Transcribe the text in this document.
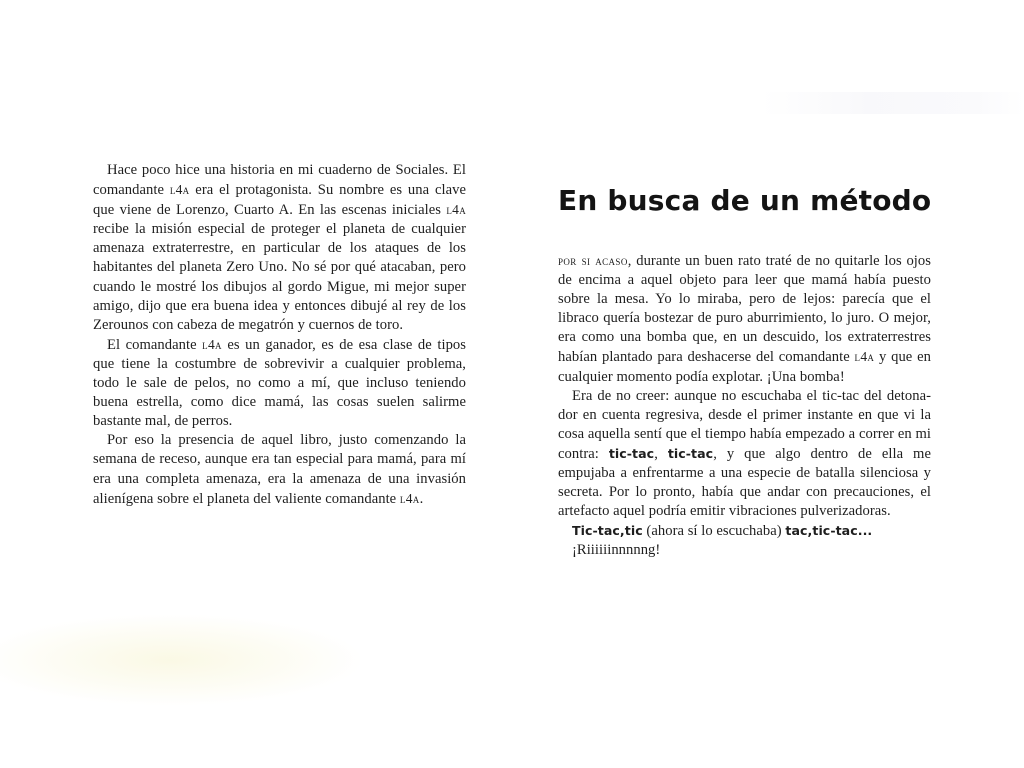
Hace poco hice una historia en mi cuaderno de Sociales. El comandante l4a era el protagonista. Su nombre es una clave que viene de Lorenzo, Cuarto A. En las escenas iniciales l4a recibe la misión especial de proteger el planeta de cualquier amenaza extraterrestre, en particular de los ataques de los habitantes del planeta Zero Uno. No sé por qué atacaban, pero cuando le mostré los dibujos al gordo Migue, mi mejor super amigo, dijo que era buena idea y entonces dibujé al rey de los Zerounos con cabeza de megatrón y cuernos de toro.

El comandante l4a es un ganador, es de esa clase de tipos que tiene la costumbre de sobrevivir a cualquier problema, todo le sale de pelos, no como a mí, que incluso teniendo buena estrella, como dice mamá, las cosas suelen salirme bastante mal, de perros.

Por eso la presencia de aquel libro, justo comenzando la semana de receso, aunque era tan especial para mamá, para mí era una completa amenaza, era la amenaza de una invasión alienígena sobre el planeta del valiente comandante l4a.

En busca de un método

por si acaso, durante un buen rato traté de no quitarle los ojos de encima a aquel objeto para leer que mamá había puesto sobre la mesa. Yo lo miraba, pero de lejos: parecía que el libraco quería bostezar de puro aburrimiento, lo juro. O mejor, era como una bomba que, en un descuido, los extraterrestres habían plantado para deshacerse del comandante l4a y que en cualquier momento podía explotar. ¡Una bomba!

Era de no creer: aunque no escuchaba el tic-tac del detonador en cuenta regresiva, desde el primer instante en que vi la cosa aquella sentí que el tiempo había empezado a correr en mi contra: tic-tac, tic-tac, y que algo dentro de ella me empujaba a enfrentarme a una especie de batalla silenciosa y secreta. Por lo pronto, había que andar con precauciones, el artefacto aquel podría emitir vibraciones pulverizadoras.

Tic-tac,tic (ahora sí lo escuchaba) tac,tic-tac...

¡Riiiiiinnnnng!
